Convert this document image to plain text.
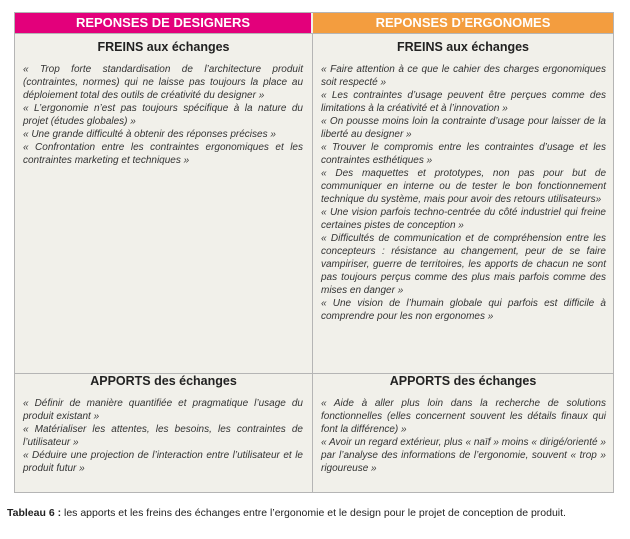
REPONSES DE DESIGNERS	REPONSES D’ERGONOMES
FREINS aux échanges

« Trop forte standardisation de l’architecture produit (contraintes, normes) qui ne laisse pas toujours la place au déploiement total des outils de créativité du designer »

« L’ergonomie n’est pas toujours spécifique à la nature du projet (études globales) »

« Une grande difficulté à obtenir des réponses précises »

« Confrontation entre les contraintes ergonomiques et les contraintes marketing et techniques »

FREINS aux échanges

« Faire attention à ce que le cahier des charges ergonomiques soit respecté »

« Les contraintes d’usage peuvent être perçues comme des limitations à la créativité et à l’innovation »

« On pousse moins loin la contrainte d’usage pour laisser de la liberté au designer »

« Trouver le compromis entre les contraintes d’usage et les contraintes esthétiques »

« Des maquettes et prototypes, non pas pour but de communiquer en interne ou de tester le bon fonctionnement technique du système, mais pour avoir des retours utilisateurs»

« Une vision parfois techno-centrée du côté industriel qui freine certaines pistes de conception »

« Difficultés de communication et de compréhension entre les concepteurs : résistance au changement, peur de se faire vampiriser, guerre de territoires, les apports de chacun ne sont pas toujours perçus comme des plus mais parfois comme des mises en danger »

« Une vision de l’humain globale qui parfois est difficile à comprendre pour les non ergonomes »

APPORTS des échanges

« Définir de manière quantifiée et pragmatique l’usage du produit existant »

« Matérialiser les attentes, les besoins, les contraintes de l’utilisateur »

« Déduire une projection de l’interaction entre l’utilisateur et le produit futur »

APPORTS des échanges

« Aide à aller plus loin dans la recherche de solutions fonctionnelles (elles concernent souvent les détails finaux qui font la différence) »

« Avoir un regard extérieur, plus « naïf » moins « dirigé/orienté » par l’analyse des informations de l’ergonomie, souvent « trop » rigoureuse »

Tableau 6 : les apports et les freins des échanges entre l’ergonomie et le design pour le projet de conception de produit.
